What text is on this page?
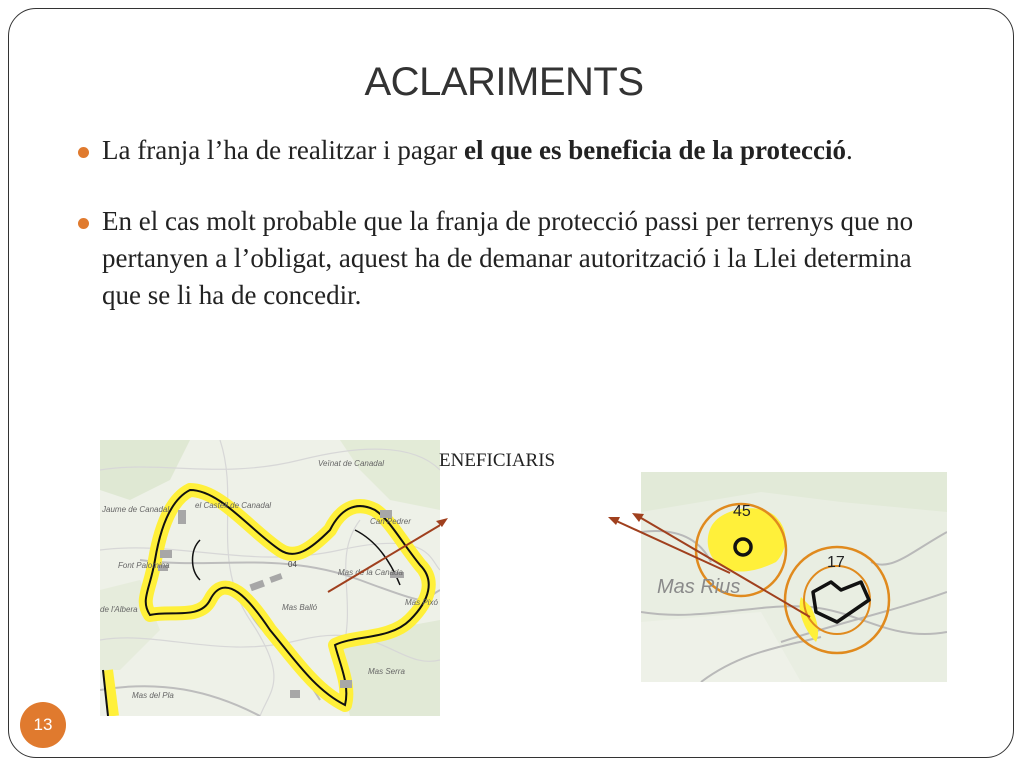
ACLARIMENTS
La franja l’ha de realitzar i pagar el que es beneficia de la protecció.
En el cas molt probable que la franja de protecció passi per terrenys que no pertanyen a l’obligat, aquest ha de demanar autorització i la Llei determina que se li ha de concedir.
Veïnat de Canadal
el Castell de Canadal
Jaume de Canadal
Font Palomina
Can Pedrer
Mas de la Canada
Mas Pixó
Mas Balló
Mas Serra
Mas del Pla
de l'Albera
04
ENEFICIARIS
45
17
Mas Rius
13
